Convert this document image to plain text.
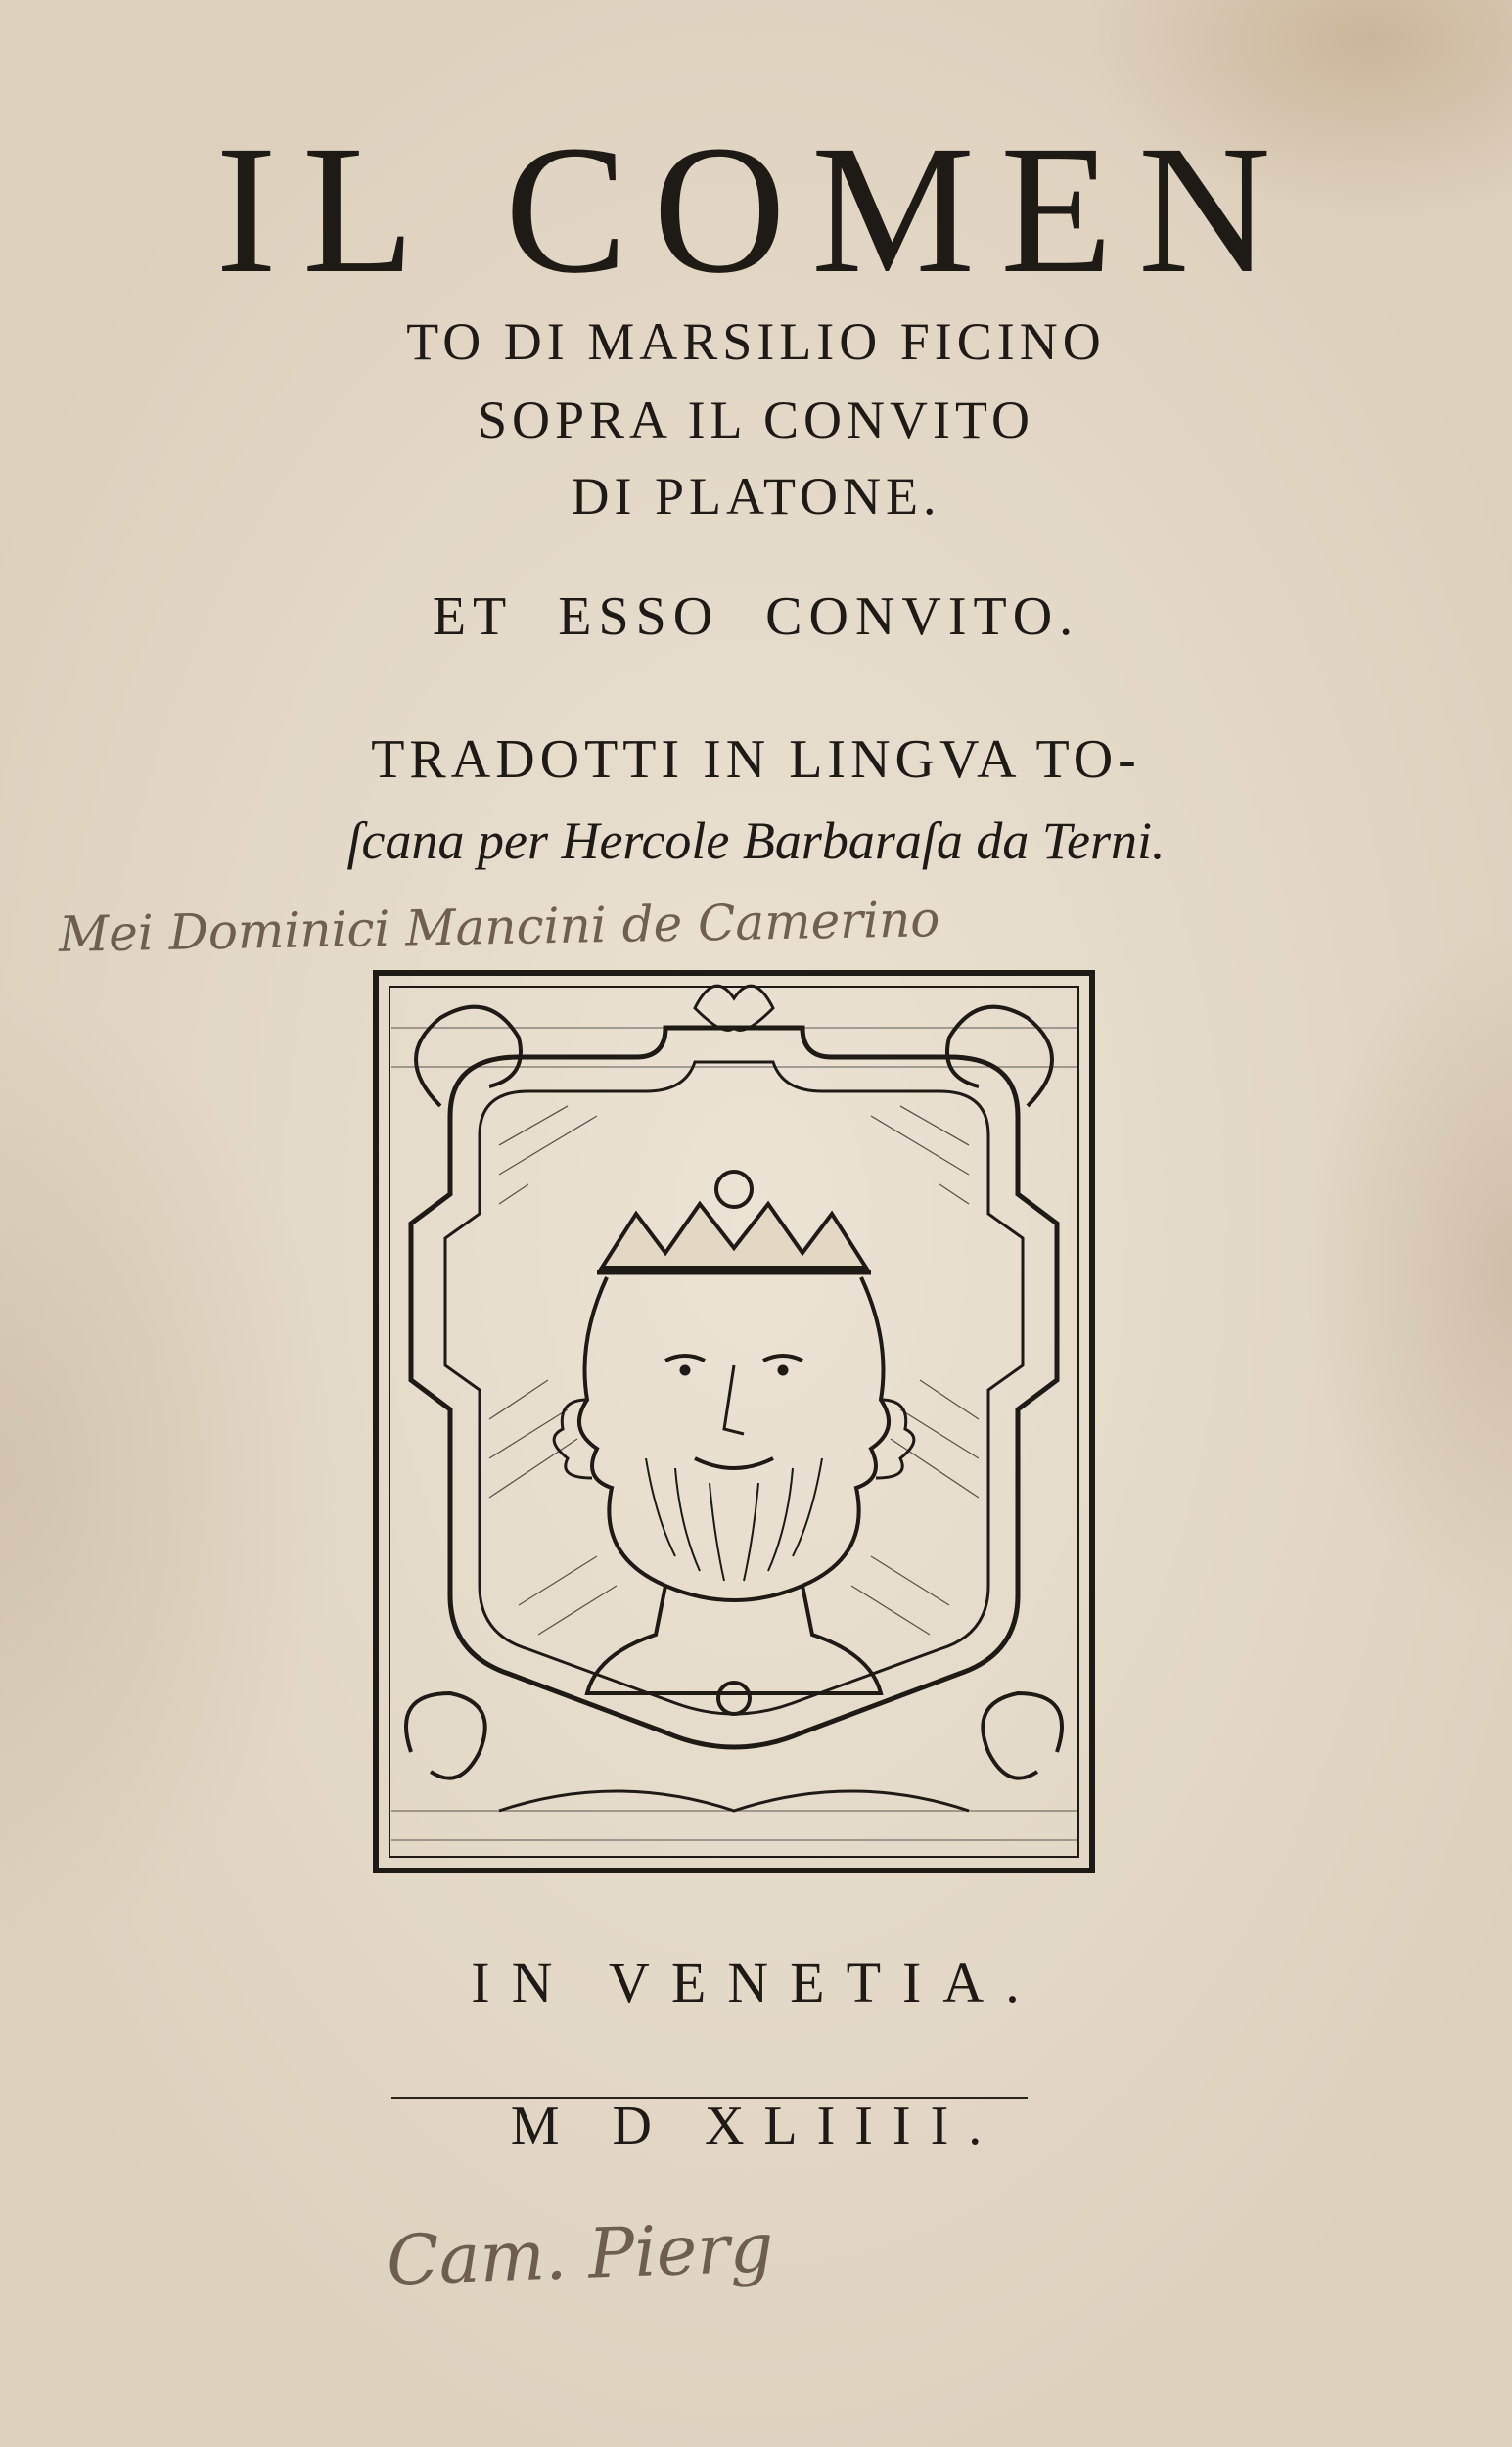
IL COMEN
TO DI MARSILIO FICINO
SOPRA IL CONVITO
DI PLATONE.
ET ESSO CONVITO.
TRADOTTI IN LINGVA TO-
ſcana per Hercole Barbaraſa da Terni.
Mei Dominici Mancini de Camerino
IN VENETIA.
M D XLIIII.
Cam. Pierg
